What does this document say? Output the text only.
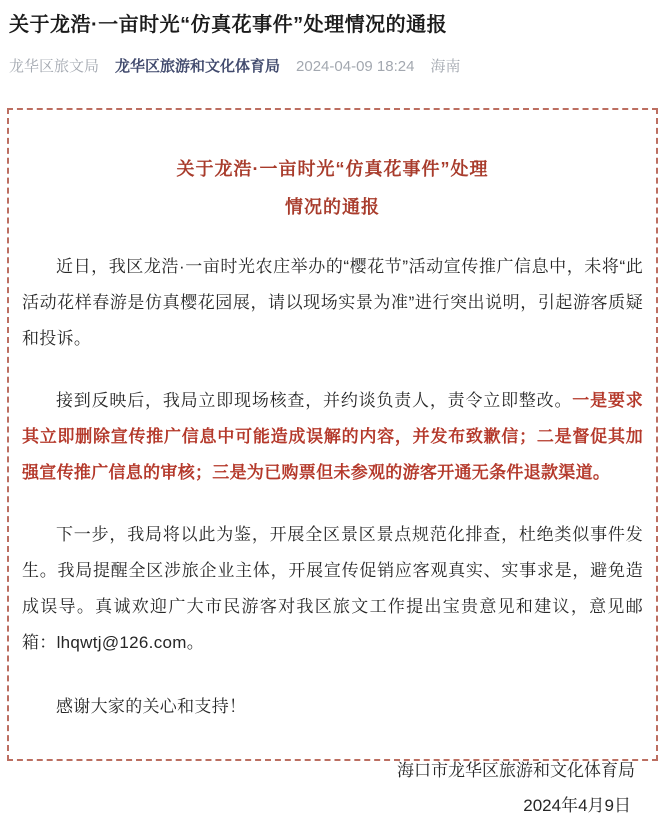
关于龙浩·一亩时光“仿真花事件”处理情况的通报
龙华区旅文局 龙华区旅游和文化体育局 2024-04-09 18:24 海南
关于龙浩·一亩时光“仿真花事件”处理
情况的通报

近日，我区龙浩·一亩时光农庄举办的“樱花节”活动宣传推广信息中，未将“此活动花样春游是仿真樱花园展，请以现场实景为准”进行突出说明，引起游客质疑和投诉。

接到反映后，我局立即现场核查，并约谈负责人，责令立即整改。一是要求其立即删除宣传推广信息中可能造成误解的内容，并发布致歉信；二是督促其加强宣传推广信息的审核；三是为已购票但未参观的游客开通无条件退款渠道。

下一步，我局将以此为鉴，开展全区景区景点规范化排查，杜绝类似事件发生。我局提醒全区涉旅企业主体，开展宣传促销应客观真实、实事求是，避免造成误导。真诚欢迎广大市民游客对我区旅文工作提出宝贵意见和建议，意见邮箱：lhqwtj@126.com。

感谢大家的关心和支持！

海口市龙华区旅游和文化体育局
2024年4月9日
